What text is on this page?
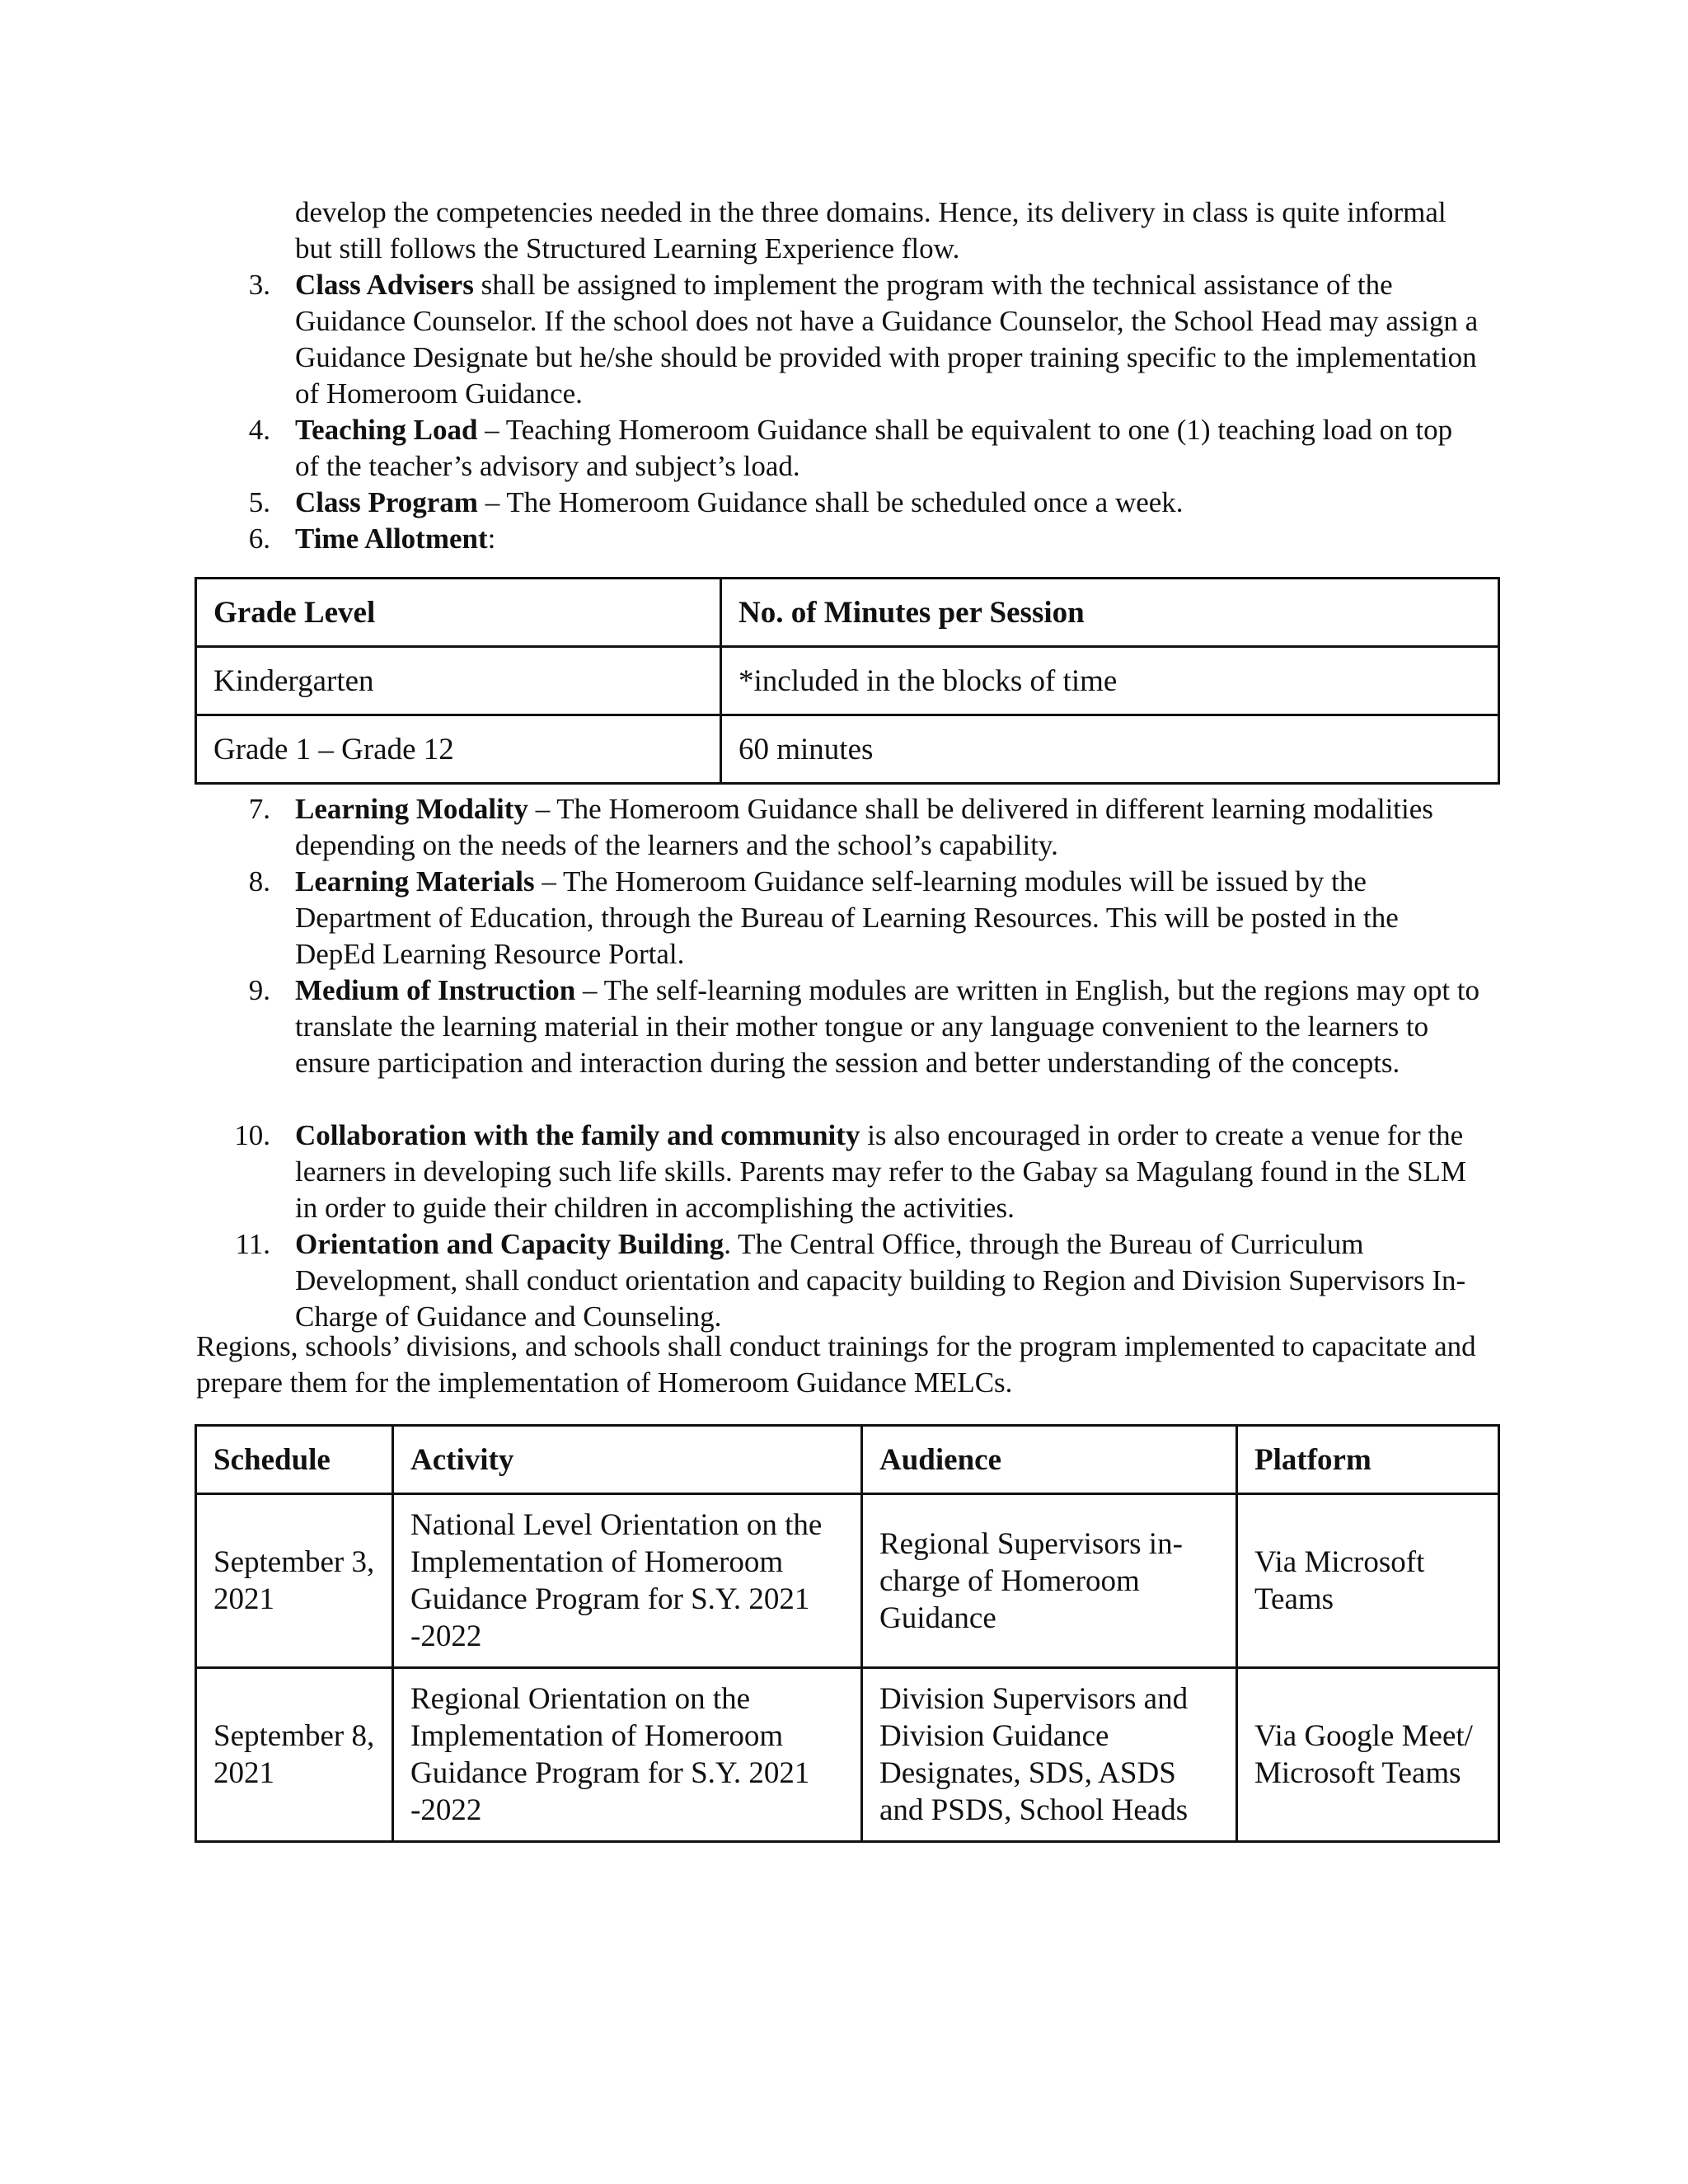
develop the competencies needed in the three domains. Hence, its delivery in class is quite informal but still follows the Structured Learning Experience flow.
3. Class Advisers shall be assigned to implement the program with the technical assistance of the Guidance Counselor. If the school does not have a Guidance Counselor, the School Head may assign a Guidance Designate but he/she should be provided with proper training specific to the implementation of Homeroom Guidance.
4. Teaching Load – Teaching Homeroom Guidance shall be equivalent to one (1) teaching load on top of the teacher’s advisory and subject’s load.
5. Class Program – The Homeroom Guidance shall be scheduled once a week.
6. Time Allotment:
Grade Level	No. of Minutes per Session
Kindergarten	*included in the blocks of time
Grade 1 – Grade 12	60 minutes
7. Learning Modality – The Homeroom Guidance shall be delivered in different learning modalities depending on the needs of the learners and the school’s capability.
8. Learning Materials – The Homeroom Guidance self-learning modules will be issued by the Department of Education, through the Bureau of Learning Resources. This will be posted in the DepEd Learning Resource Portal.
9. Medium of Instruction – The self-learning modules are written in English, but the regions may opt to translate the learning material in their mother tongue or any language convenient to the learners to ensure participation and interaction during the session and better understanding of the concepts.
10. Collaboration with the family and community is also encouraged in order to create a venue for the learners in developing such life skills. Parents may refer to the Gabay sa Magulang found in the SLM in order to guide their children in accomplishing the activities.
11. Orientation and Capacity Building. The Central Office, through the Bureau of Curriculum Development, shall conduct orientation and capacity building to Region and Division Supervisors In-Charge of Guidance and Counseling.
Regions, schools’ divisions, and schools shall conduct trainings for the program implemented to capacitate and prepare them for the implementation of Homeroom Guidance MELCs.
Schedule	Activity	Audience	Platform
September 3, 2021	National Level Orientation on the Implementation of Homeroom Guidance Program for S.Y. 2021 -2022	Regional Supervisors in-charge of Homeroom Guidance	Via Microsoft Teams
September 8, 2021	Regional Orientation on the Implementation of Homeroom Guidance Program for S.Y. 2021 -2022	Division Supervisors and Division Guidance Designates, SDS, ASDS and PSDS, School Heads	Via Google Meet/ Microsoft Teams
